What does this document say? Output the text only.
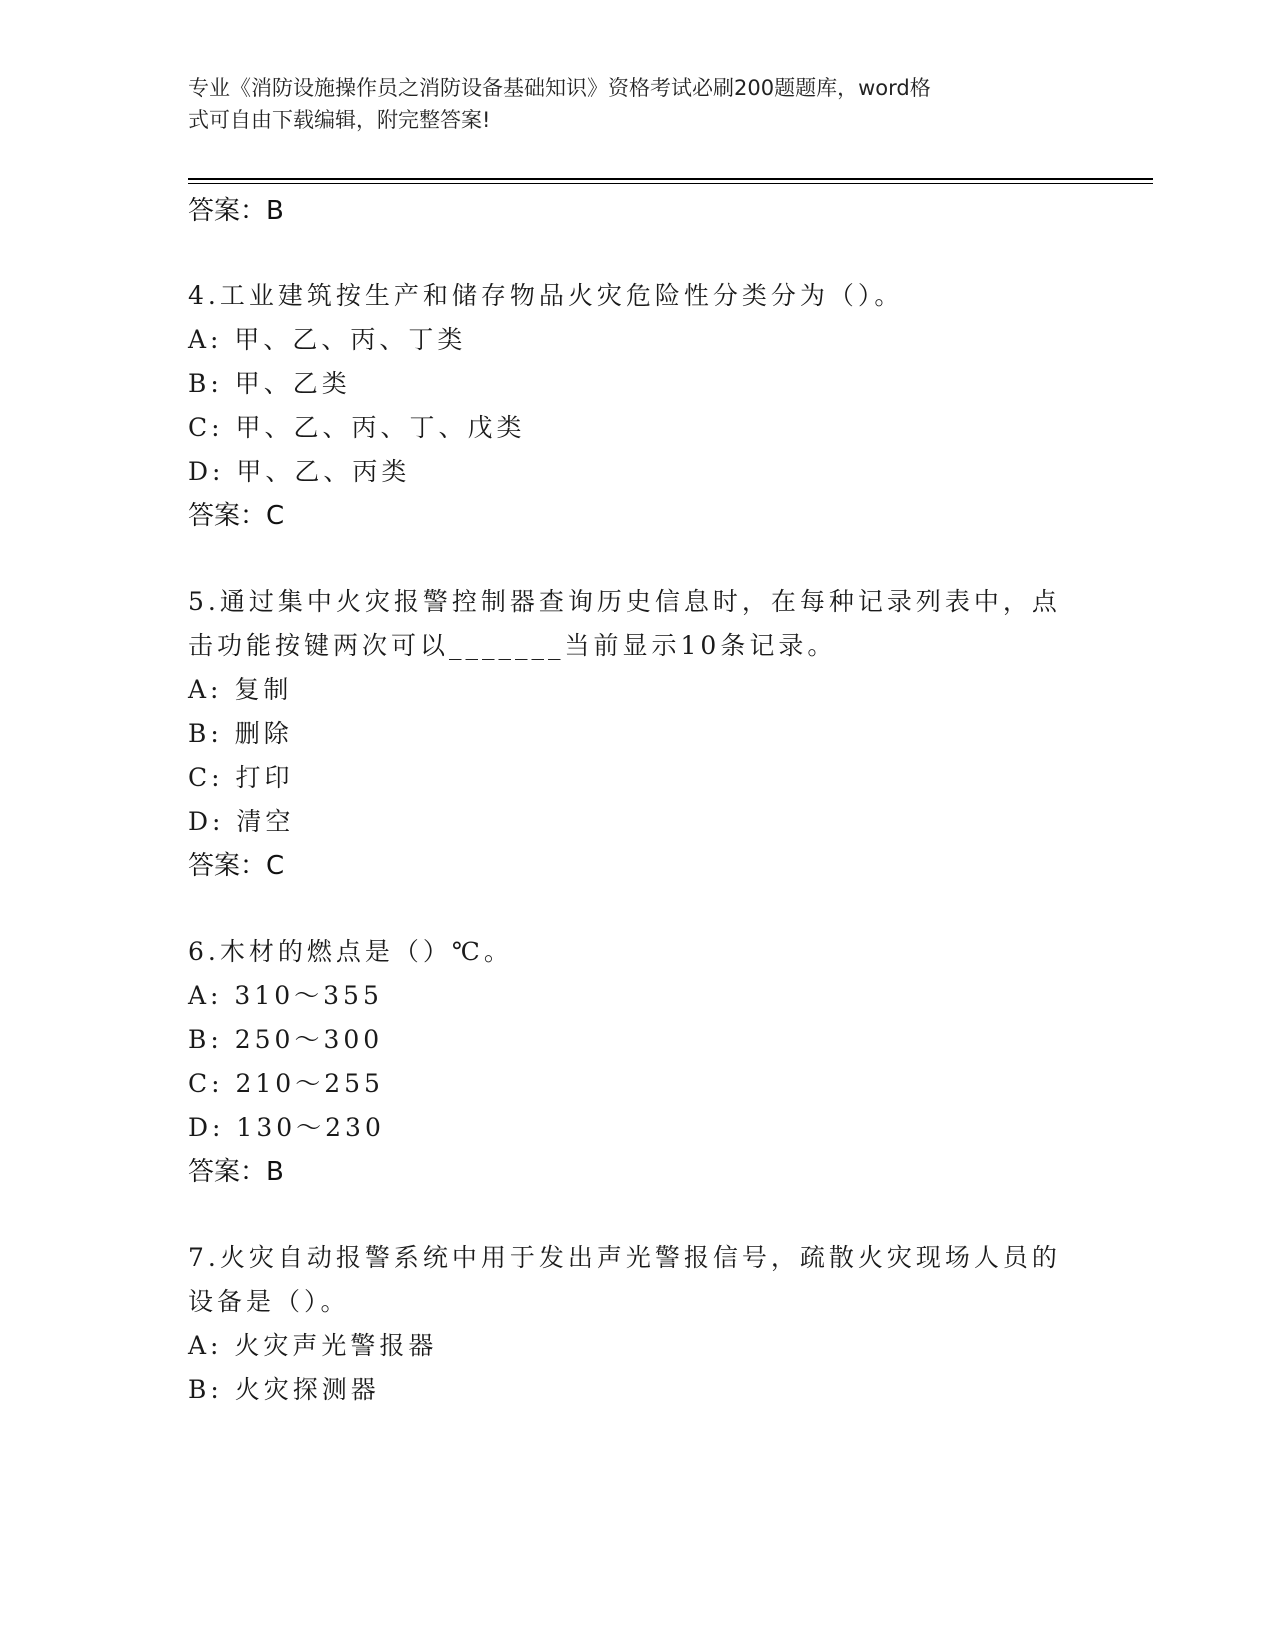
专业《消防设施操作员之消防设备基础知识》资格考试必刷200题题库，word格
式可自由下载编辑，附完整答案!
答案：B
4.工业建筑按生产和储存物品火灾危险性分类分为（）。
A: 甲、乙、丙、丁类
B: 甲、乙类
C: 甲、乙、丙、丁、戊类
D: 甲、乙、丙类
答案：C
5.通过集中火灾报警控制器查询历史信息时，在每种记录列表中，点
击功能按键两次可以_______当前显示10条记录。
A: 复制
B: 删除
C: 打印
D: 清空
答案：C
6.木材的燃点是（）℃。
A: 310～355
B: 250～300
C: 210～255
D: 130～230
答案：B
7.火灾自动报警系统中用于发出声光警报信号，疏散火灾现场人员的
设备是（）。
A: 火灾声光警报器
B: 火灾探测器
